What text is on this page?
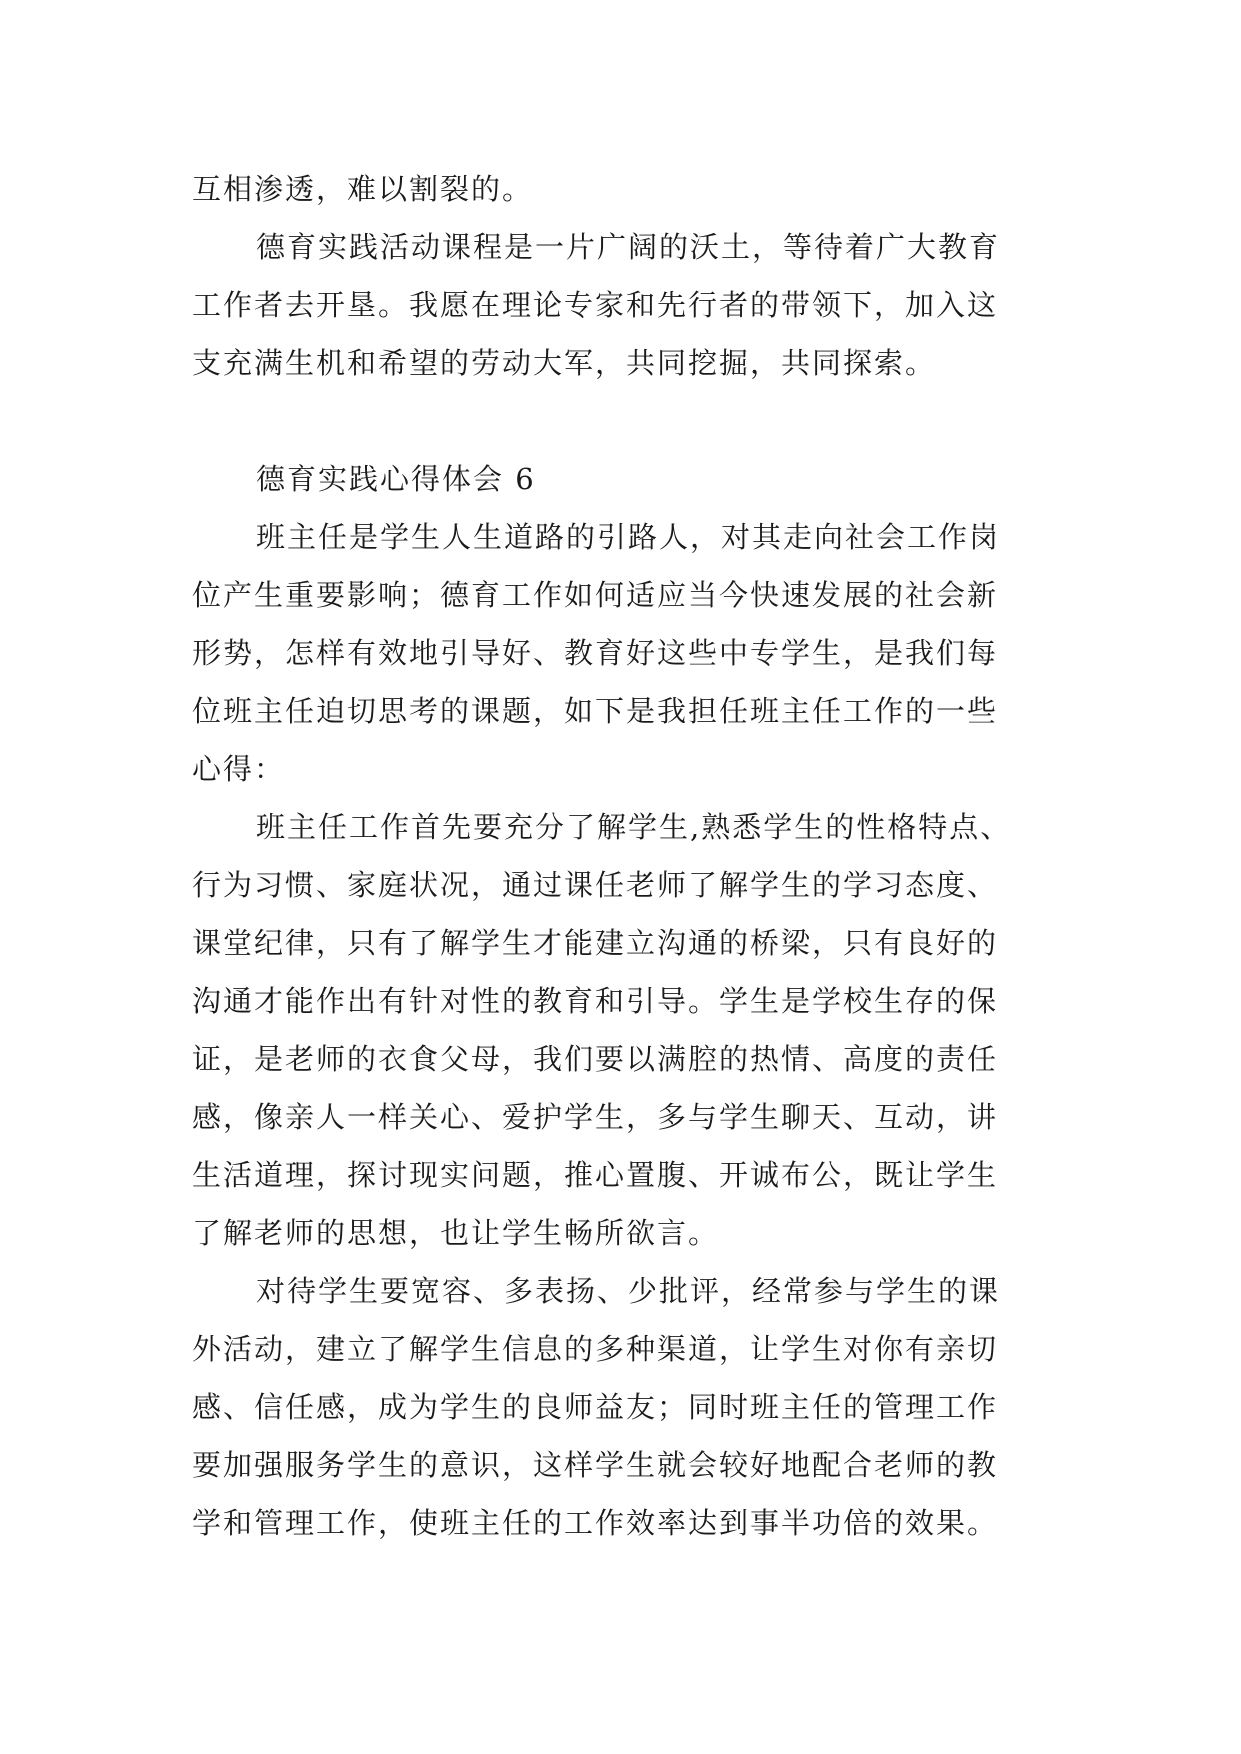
互相渗透，难以割裂的。
德育实践活动课程是一片广阔的沃土，等待着广大教育
工作者去开垦。我愿在理论专家和先行者的带领下，加入这
支充满生机和希望的劳动大军，共同挖掘，共同探索。
德育实践心得体会 6
班主任是学生人生道路的引路人，对其走向社会工作岗
位产生重要影响；德育工作如何适应当今快速发展的社会新
形势，怎样有效地引导好、教育好这些中专学生，是我们每
位班主任迫切思考的课题，如下是我担任班主任工作的一些
心得：
班主任工作首先要充分了解学生,熟悉学生的性格特点、
行为习惯、家庭状况，通过课任老师了解学生的学习态度、
课堂纪律，只有了解学生才能建立沟通的桥梁，只有良好的
沟通才能作出有针对性的教育和引导。学生是学校生存的保
证，是老师的衣食父母，我们要以满腔的热情、高度的责任
感，像亲人一样关心、爱护学生，多与学生聊天、互动，讲
生活道理，探讨现实问题，推心置腹、开诚布公，既让学生
了解老师的思想，也让学生畅所欲言。
对待学生要宽容、多表扬、少批评，经常参与学生的课
外活动，建立了解学生信息的多种渠道，让学生对你有亲切
感、信任感，成为学生的良师益友；同时班主任的管理工作
要加强服务学生的意识，这样学生就会较好地配合老师的教
学和管理工作，使班主任的工作效率达到事半功倍的效果。
